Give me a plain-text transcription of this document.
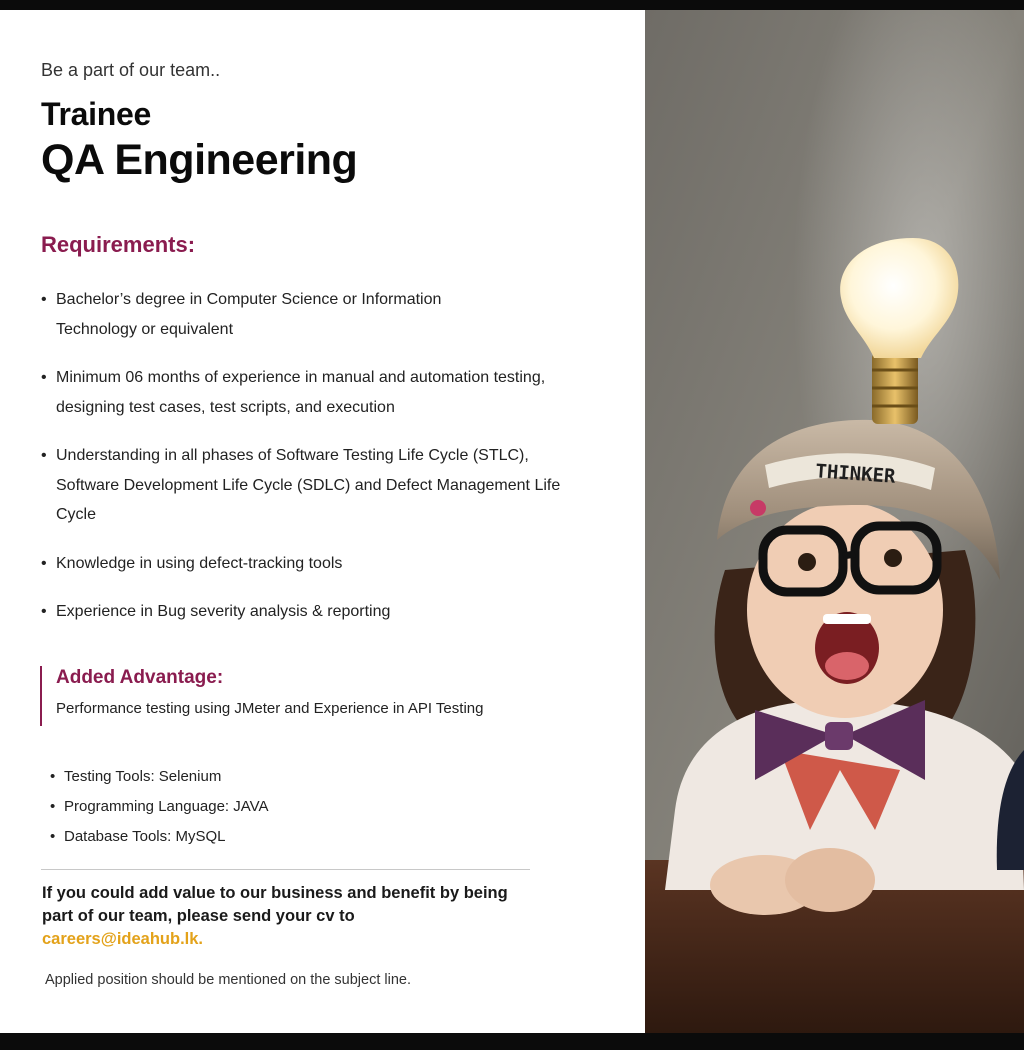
Be a part of our team..
Trainee
QA Engineering
Requirements:
• Bachelor’s degree in Computer Science or Information Technology or equivalent
• Minimum 06 months of experience in manual and automation testing, designing test cases, test scripts, and execution
• Understanding in all phases of Software Testing Life Cycle (STLC), Software Development Life Cycle (SDLC) and Defect Management Life Cycle
• Knowledge in using defect-tracking tools
• Experience in Bug severity analysis & reporting
Added Advantage:
Performance testing using JMeter and Experience in API Testing
• Testing Tools: Selenium
• Programming Language: JAVA
• Database Tools: MySQL
If you could add value to our business and benefit by being part of our team, please send your cv to
careers@ideahub.lk.
Applied position should be mentioned on the subject line.
THINKER
